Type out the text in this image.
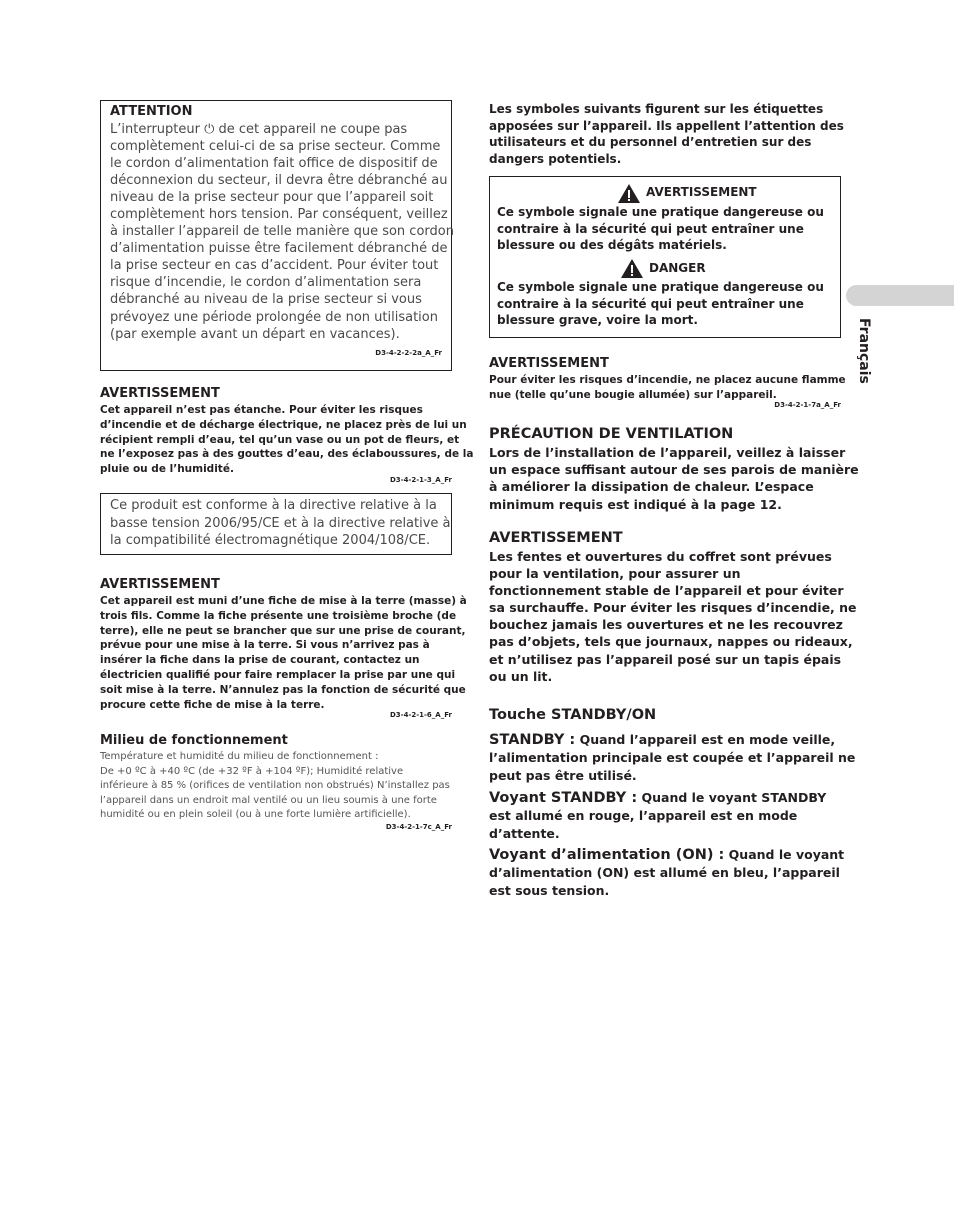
Français
ATTENTION

L’interrupteur ⏻ de cet appareil ne coupe pas

complètement celui-ci de sa prise secteur. Comme

le cordon d’alimentation fait office de dispositif de

déconnexion du secteur, il devra être débranché au

niveau de la prise secteur pour que l’appareil soit

complètement hors tension. Par conséquent, veillez

à installer l’appareil de telle manière que son cordon

d’alimentation puisse être facilement débranché de

la prise secteur en cas d’accident. Pour éviter tout

risque d’incendie, le cordon d’alimentation sera

débranché au niveau de la prise secteur si vous

prévoyez une période prolongée de non utilisation

(par exemple avant un départ en vacances).

D3-4-2-2-2a_A_Fr
AVERTISSEMENT

Cet appareil n’est pas étanche. Pour éviter les risques

d’incendie et de décharge électrique, ne placez près de lui un

récipient rempli d’eau, tel qu’un vase ou un pot de fleurs, et

ne l’exposez pas à des gouttes d’eau, des éclaboussures, de la

pluie ou de l’humidité.

D3-4-2-1-3_A_Fr

Ce produit est conforme à la directive relative à la

basse tension 2006/95/CE et à la directive relative à

la compatibilité électromagnétique 2004/108/CE.

AVERTISSEMENT

Cet appareil est muni d’une fiche de mise à la terre (masse) à

trois fils. Comme la fiche présente une troisième broche (de

terre), elle ne peut se brancher que sur une prise de courant,

prévue pour une mise à la terre. Si vous n’arrivez pas à

insérer la fiche dans la prise de courant, contactez un

électricien qualifié pour faire remplacer la prise par une qui

soit mise à la terre. N’annulez pas la fonction de sécurité que

procure cette fiche de mise à la terre.

D3-4-2-1-6_A_Fr
Milieu de fonctionnement

Température et humidité du milieu de fonctionnement :

De +0 ºC à +40 ºC (de +32 ºF à +104 ºF); Humidité relative

inférieure à 85 % (orifices de ventilation non obstrués) N’installez pas

l’appareil dans un endroit mal ventilé ou un lieu soumis à une forte

humidité ou en plein soleil (ou à une forte lumière artificielle).

D3-4-2-1-7c_A_Fr

Les symboles suivants figurent sur les étiquettes

apposées sur l’appareil. Ils appellent l’attention des

utilisateurs et du personnel d’entretien sur des

dangers potentiels.

AVERTISSEMENT

Ce symbole signale une pratique dangereuse ou

contraire à la sécurité qui peut entraîner une

blessure ou des dégâts matériels.

DANGER

Ce symbole signale une pratique dangereuse ou

contraire à la sécurité qui peut entraîner une

blessure grave, voire la mort.

AVERTISSEMENT

Pour éviter les risques d’incendie, ne placez aucune flamme

nue (telle qu’une bougie allumée) sur l’appareil.

D3-4-2-1-7a_A_Fr
PRÉCAUTION DE VENTILATION

Lors de l’installation de l’appareil, veillez à laisser

un espace suffisant autour de ses parois de manière

à améliorer la dissipation de chaleur. L’espace

minimum requis est indiqué à la page 12.

AVERTISSEMENT

Les fentes et ouvertures du coffret sont prévues

pour la ventilation, pour assurer un

fonctionnement stable de l’appareil et pour éviter

sa surchauffe. Pour éviter les risques d’incendie, ne

bouchez jamais les ouvertures et ne les recouvrez

pas d’objets, tels que journaux, nappes ou rideaux,

et n’utilisez pas l’appareil posé sur un tapis épais

ou un lit.

Touche STANDBY/ON

STANDBY : Quand l’appareil est en mode veille,

l’alimentation principale est coupée et l’appareil ne

peut pas être utilisé.

Voyant STANDBY : Quand le voyant STANDBY

est allumé en rouge, l’appareil est en mode

d’attente.

Voyant d’alimentation (ON) : Quand le voyant

d’alimentation (ON) est allumé en bleu, l’appareil

est sous tension.
